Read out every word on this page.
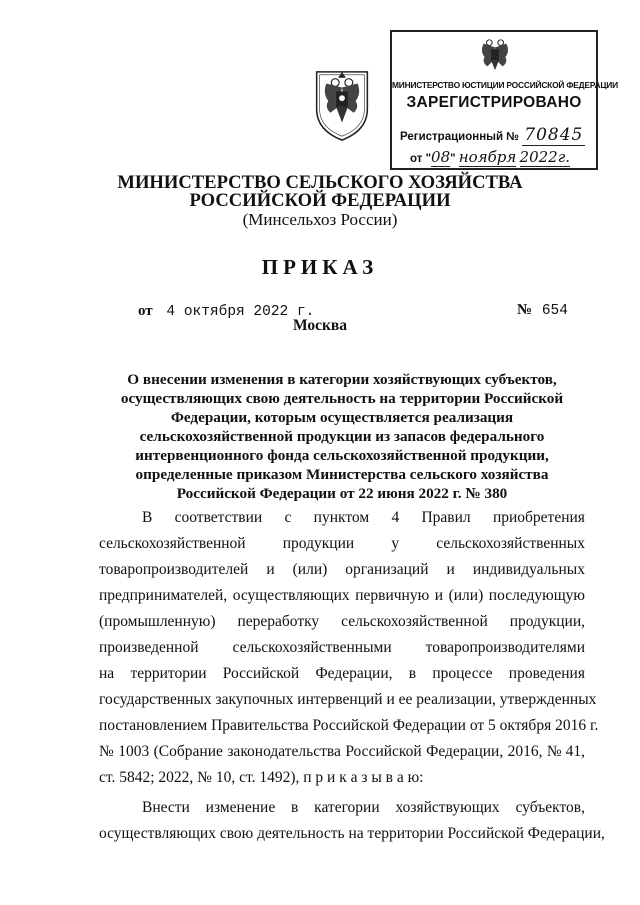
МИНИСТЕРСТВО ЮСТИЦИИ РОССИЙСКОЙ ФЕДЕРАЦИИ
ЗАРЕГИСТРИРОВАНО
Регистрационный № 70845
от "08" ноября 2022г.
МИНИСТЕРСТВО СЕЛЬСКОГО ХОЗЯЙСТВА
РОССИЙСКОЙ ФЕДЕРАЦИИ
(Минсельхоз России)
ПРИКАЗ
от 4 октября 2022 г.	№ 654
Москва
О внесении изменения в категории хозяйствующих субъектов,
осуществляющих свою деятельность на территории Российской
Федерации, которым осуществляется реализация
сельскохозяйственной продукции из запасов федерального
интервенционного фонда сельскохозяйственной продукции,
определенные приказом Министерства сельского хозяйства
Российской Федерации от 22 июня 2022 г. № 380
В соответствии с пунктом 4 Правил приобретения
сельскохозяйственной продукции у сельскохозяйственных
товаропроизводителей и (или) организаций и индивидуальных
предпринимателей, осуществляющих первичную и (или) последующую
(промышленную) переработку сельскохозяйственной продукции,
произведенной сельскохозяйственными товаропроизводителями
на территории Российской Федерации, в процессе проведения
государственных закупочных интервенций и ее реализации, утвержденных
постановлением Правительства Российской Федерации от 5 октября 2016 г.
№ 1003 (Собрание законодательства Российской Федерации, 2016, № 41,
ст. 5842; 2022, № 10, ст. 1492), п р и к а з ы в а ю:
Внести изменение в категории хозяйствующих субъектов,
осуществляющих свою деятельность на территории Российской Федерации,
